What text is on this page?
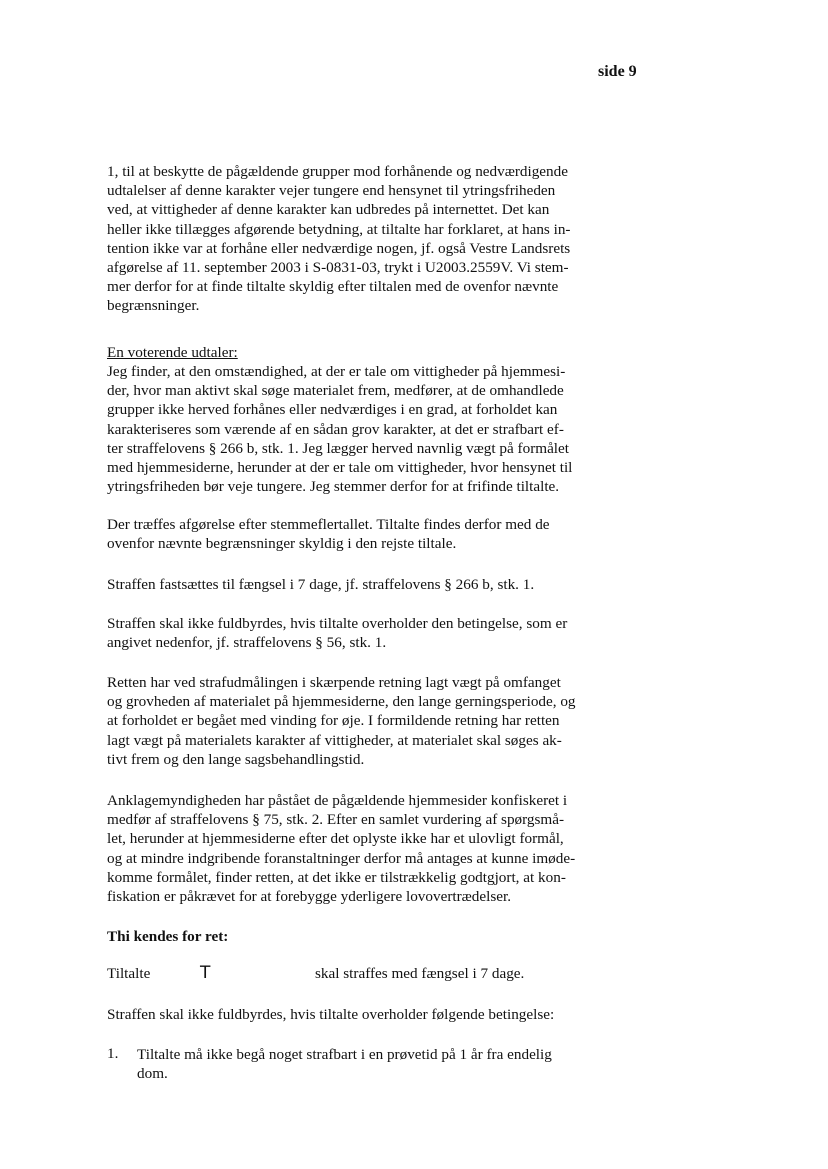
side 9
1, til at beskytte de pågældende grupper mod forhånende og nedværdigende
udtalelser af denne karakter vejer tungere end hensynet til ytringsfriheden
ved, at vittigheder af denne karakter kan udbredes på internettet. Det kan
heller ikke tillægges afgørende betydning, at tiltalte har forklaret, at hans in-
tention ikke var at forhåne eller nedværdige nogen, jf. også Vestre Landsrets
afgørelse af 11. september 2003 i S-0831-03, trykt i U2003.2559V. Vi stem-
mer derfor for at finde tiltalte skyldig efter tiltalen med de ovenfor nævnte
begrænsninger.
En voterende udtaler:
Jeg finder, at den omstændighed, at der er tale om vittigheder på hjemmesi-
der, hvor man aktivt skal søge materialet frem, medfører, at de omhandlede
grupper ikke herved forhånes eller nedværdiges i en grad, at forholdet kan
karakteriseres som værende af en sådan grov karakter, at det er strafbart ef-
ter straffelovens § 266 b, stk. 1. Jeg lægger herved navnlig vægt på formålet
med hjemmesiderne, herunder at der er tale om vittigheder, hvor hensynet til
ytringsfriheden bør veje tungere. Jeg stemmer derfor for at frifinde tiltalte.
Der træffes afgørelse efter stemmeflertallet. Tiltalte findes derfor med de
ovenfor nævnte begrænsninger skyldig i den rejste tiltale.
Straffen fastsættes til fængsel i 7 dage, jf. straffelovens § 266 b, stk. 1.
Straffen skal ikke fuldbyrdes, hvis tiltalte overholder den betingelse, som er
angivet nedenfor, jf. straffelovens § 56, stk. 1.
Retten har ved strafudmålingen i skærpende retning lagt vægt på omfanget
og grovheden af materialet på hjemmesiderne, den lange gerningsperiode, og
at forholdet er begået med vinding for øje. I formildende retning har retten
lagt vægt på materialets karakter af vittigheder, at materialet skal søges ak-
tivt frem og den lange sagsbehandlingstid.
Anklagemyndigheden har påstået de pågældende hjemmesider konfiskeret i
medfør af straffelovens § 75, stk. 2. Efter en samlet vurdering af spørgsmå-
let, herunder at hjemmesiderne efter det oplyste ikke har et ulovligt formål,
og at mindre indgribende foranstaltninger derfor må antages at kunne imøde-
komme formålet, finder retten, at det ikke er tilstrækkelig godtgjort, at kon-
fiskation er påkrævet for at forebygge yderligere lovovertrædelser.
Thi kendes for ret:
Tiltalte	T	skal straffes med fængsel i 7 dage.
Straffen skal ikke fuldbyrdes, hvis tiltalte overholder følgende betingelse:
1. Tiltalte må ikke begå noget strafbart i en prøvetid på 1 år fra endelig
dom.
